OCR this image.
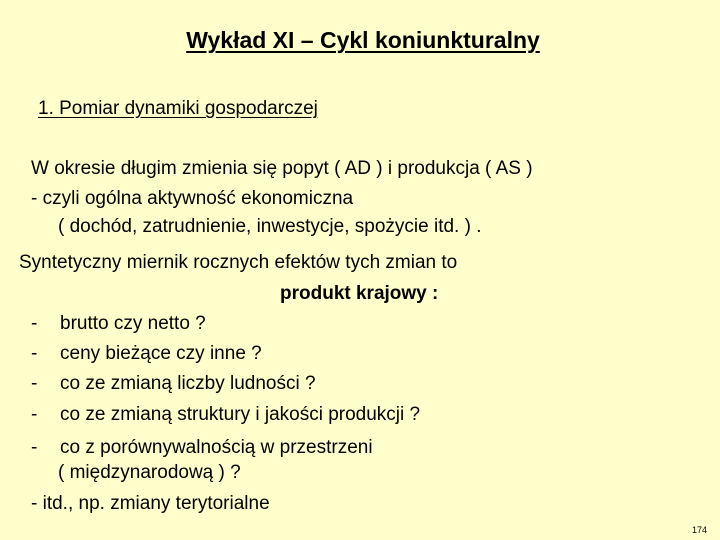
Wykład XI – Cykl koniunkturalny
1. Pomiar dynamiki gospodarczej
W okresie długim zmienia się popyt ( AD ) i produkcja ( AS )
- czyli ogólna aktywność ekonomiczna
( dochód, zatrudnienie, inwestycje, spożycie itd. ) .
Syntetyczny miernik rocznych efektów tych zmian to
produkt krajowy :
- brutto czy netto ?
- ceny bieżące czy inne ?
- co ze zmianą liczby ludności ?
- co ze zmianą struktury i jakości produkcji ?
- co z porównywalnością w przestrzeni
( międzynarodową ) ?
- itd., np. zmiany terytorialne
174
